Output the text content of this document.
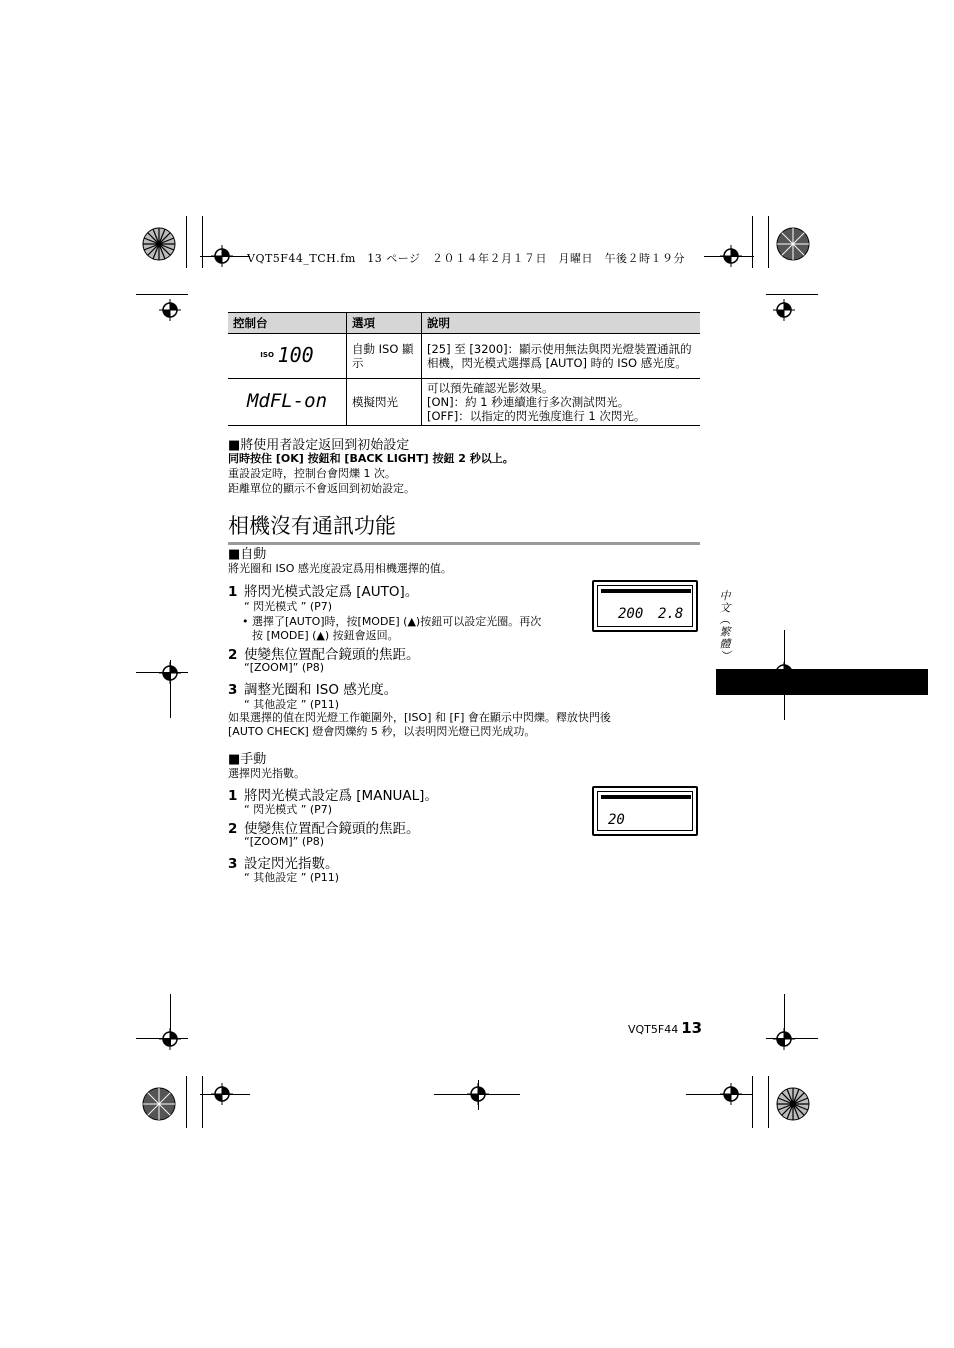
VQT5F44_TCH.fm　13 ページ　２０１４年２月１７日　月曜日　午後２時１９分
控制台	選項	說明
$^{ISO}$ 100	自動 ISO 顯示	[25] 至 [3200]：顯示使用無法與閃光燈裝置通訊的相機，閃光模式選擇爲 [AUTO] 時的 ISO 感光度。
MdFL-on	模擬閃光	可以預先確認光影效果。
[ON]：約 1 秒連續進行多次測試閃光。
[OFF]：以指定的閃光強度進行 1 次閃光。
■將使用者設定返回到初始設定
同時按住 [OK] 按鈕和 [BACK LIGHT] 按鈕 2 秒以上。
重設設定時，控制台會閃爍 1 次。
距離單位的顯示不會返回到初始設定。
相機沒有通訊功能
■自動
將光圈和 ISO 感光度設定爲用相機選擇的值。
1 將閃光模式設定爲 [AUTO]。
“ 閃光模式 ” (P7)
• 選擇了[AUTO]時，按[MODE] (▲)按鈕可以設定光圈。再次
按 [MODE] (▲) 按鈕會返回。
2 使變焦位置配合鏡頭的焦距。
“[ZOOM]” (P8)
3 調整光圈和 ISO 感光度。
“ 其他設定 ” (P11)
如果選擇的值在閃光燈工作範圍外，[ISO] 和 [F] 會在顯示中閃爍。釋放快門後
[AUTO CHECK] 燈會閃爍約 5 秒，以表明閃光燈已閃光成功。
200 2.8
■手動
選擇閃光指數。
1 將閃光模式設定爲 [MANUAL]。
“ 閃光模式 ” (P7)
2 使變焦位置配合鏡頭的焦距。
“[ZOOM]” (P8)
3 設定閃光指數。
“ 其他設定 ” (P11)
20
中文（繁體）
VQT5F44 13
